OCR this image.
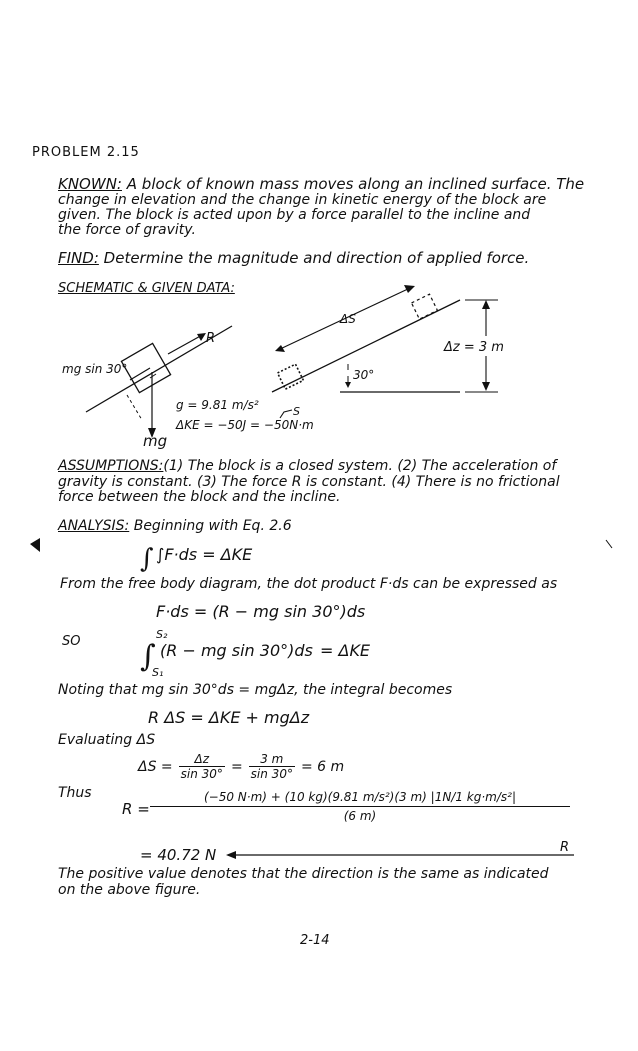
PROBLEM 2.15
KNOWN: A block of known mass moves along an inclined surface. The
change in elevation and the change in kinetic energy of the block are
given. The block is acted upon by a force parallel to the incline and
the force of gravity.
FIND: Determine the magnitude and direction of applied force.
SCHEMATIC & GIVEN DATA:
∫
∫
mg sin 30°
R
mg
g = 9.81 m/s²
ΔKE = −50J = −50N·m
ΔS
Δz = 3 m
30°
S
ASSUMPTIONS:(1) The block is a closed system. (2) The acceleration of
gravity is constant. (3) The force R is constant. (4) There is no frictional
force between the block and the incline.
ANALYSIS: Beginning with Eq. 2.6
∫F·ds = ΔKE
From the free body diagram, the dot product F·ds can be expressed as
F·ds = (R − mg sin 30°)ds
SO	S₂
S₁
(R − mg sin 30°)ds = ΔKE
Noting that mg sin 30°ds = mgΔz, the integral becomes
R ΔS = ΔKE + mgΔz
Evaluating ΔS
$\Delta S = \frac{\Delta z}{\sin 30^\circ} = \frac{3 m}{\sin 30^\circ} = 6$ m
Thus
$R = \frac{\text{(−50 N·m) + (10 kg)(9.81 m/s²)(3 m) |1N/1 kg·m/s²|}}{(6 m)}$
= 40.72 N	R
The positive value denotes that the direction is the same as indicated
on the above figure.
2-14
